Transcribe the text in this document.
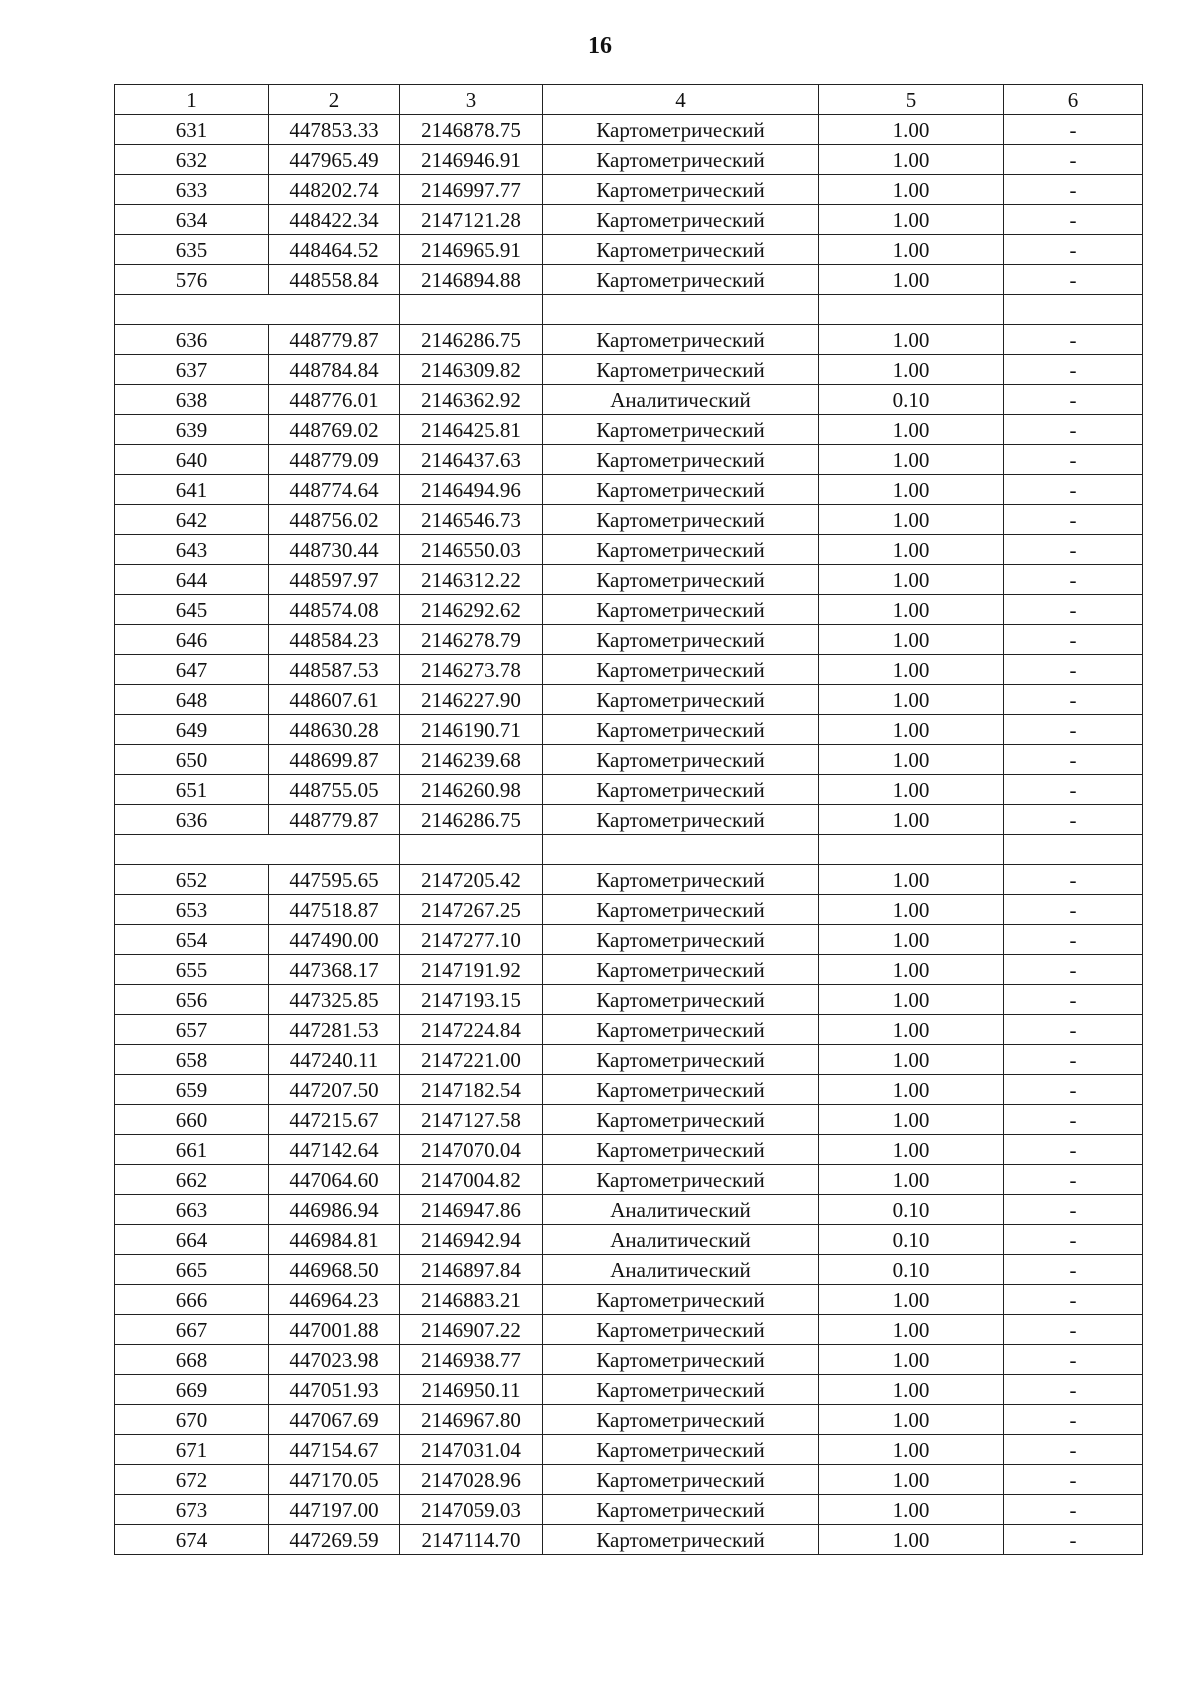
16
1	2	3	4	5	6
631	447853.33	2146878.75	Картометрический	1.00	-
632	447965.49	2146946.91	Картометрический	1.00	-
633	448202.74	2146997.77	Картометрический	1.00	-
634	448422.34	2147121.28	Картометрический	1.00	-
635	448464.52	2146965.91	Картометрический	1.00	-
576	448558.84	2146894.88	Картометрический	1.00	-

636	448779.87	2146286.75	Картометрический	1.00	-
637	448784.84	2146309.82	Картометрический	1.00	-
638	448776.01	2146362.92	Аналитический	0.10	-
639	448769.02	2146425.81	Картометрический	1.00	-
640	448779.09	2146437.63	Картометрический	1.00	-
641	448774.64	2146494.96	Картометрический	1.00	-
642	448756.02	2146546.73	Картометрический	1.00	-
643	448730.44	2146550.03	Картометрический	1.00	-
644	448597.97	2146312.22	Картометрический	1.00	-
645	448574.08	2146292.62	Картометрический	1.00	-
646	448584.23	2146278.79	Картометрический	1.00	-
647	448587.53	2146273.78	Картометрический	1.00	-
648	448607.61	2146227.90	Картометрический	1.00	-
649	448630.28	2146190.71	Картометрический	1.00	-
650	448699.87	2146239.68	Картометрический	1.00	-
651	448755.05	2146260.98	Картометрический	1.00	-
636	448779.87	2146286.75	Картометрический	1.00	-

652	447595.65	2147205.42	Картометрический	1.00	-
653	447518.87	2147267.25	Картометрический	1.00	-
654	447490.00	2147277.10	Картометрический	1.00	-
655	447368.17	2147191.92	Картометрический	1.00	-
656	447325.85	2147193.15	Картометрический	1.00	-
657	447281.53	2147224.84	Картометрический	1.00	-
658	447240.11	2147221.00	Картометрический	1.00	-
659	447207.50	2147182.54	Картометрический	1.00	-
660	447215.67	2147127.58	Картометрический	1.00	-
661	447142.64	2147070.04	Картометрический	1.00	-
662	447064.60	2147004.82	Картометрический	1.00	-
663	446986.94	2146947.86	Аналитический	0.10	-
664	446984.81	2146942.94	Аналитический	0.10	-
665	446968.50	2146897.84	Аналитический	0.10	-
666	446964.23	2146883.21	Картометрический	1.00	-
667	447001.88	2146907.22	Картометрический	1.00	-
668	447023.98	2146938.77	Картометрический	1.00	-
669	447051.93	2146950.11	Картометрический	1.00	-
670	447067.69	2146967.80	Картометрический	1.00	-
671	447154.67	2147031.04	Картометрический	1.00	-
672	447170.05	2147028.96	Картометрический	1.00	-
673	447197.00	2147059.03	Картометрический	1.00	-
674	447269.59	2147114.70	Картометрический	1.00	-
